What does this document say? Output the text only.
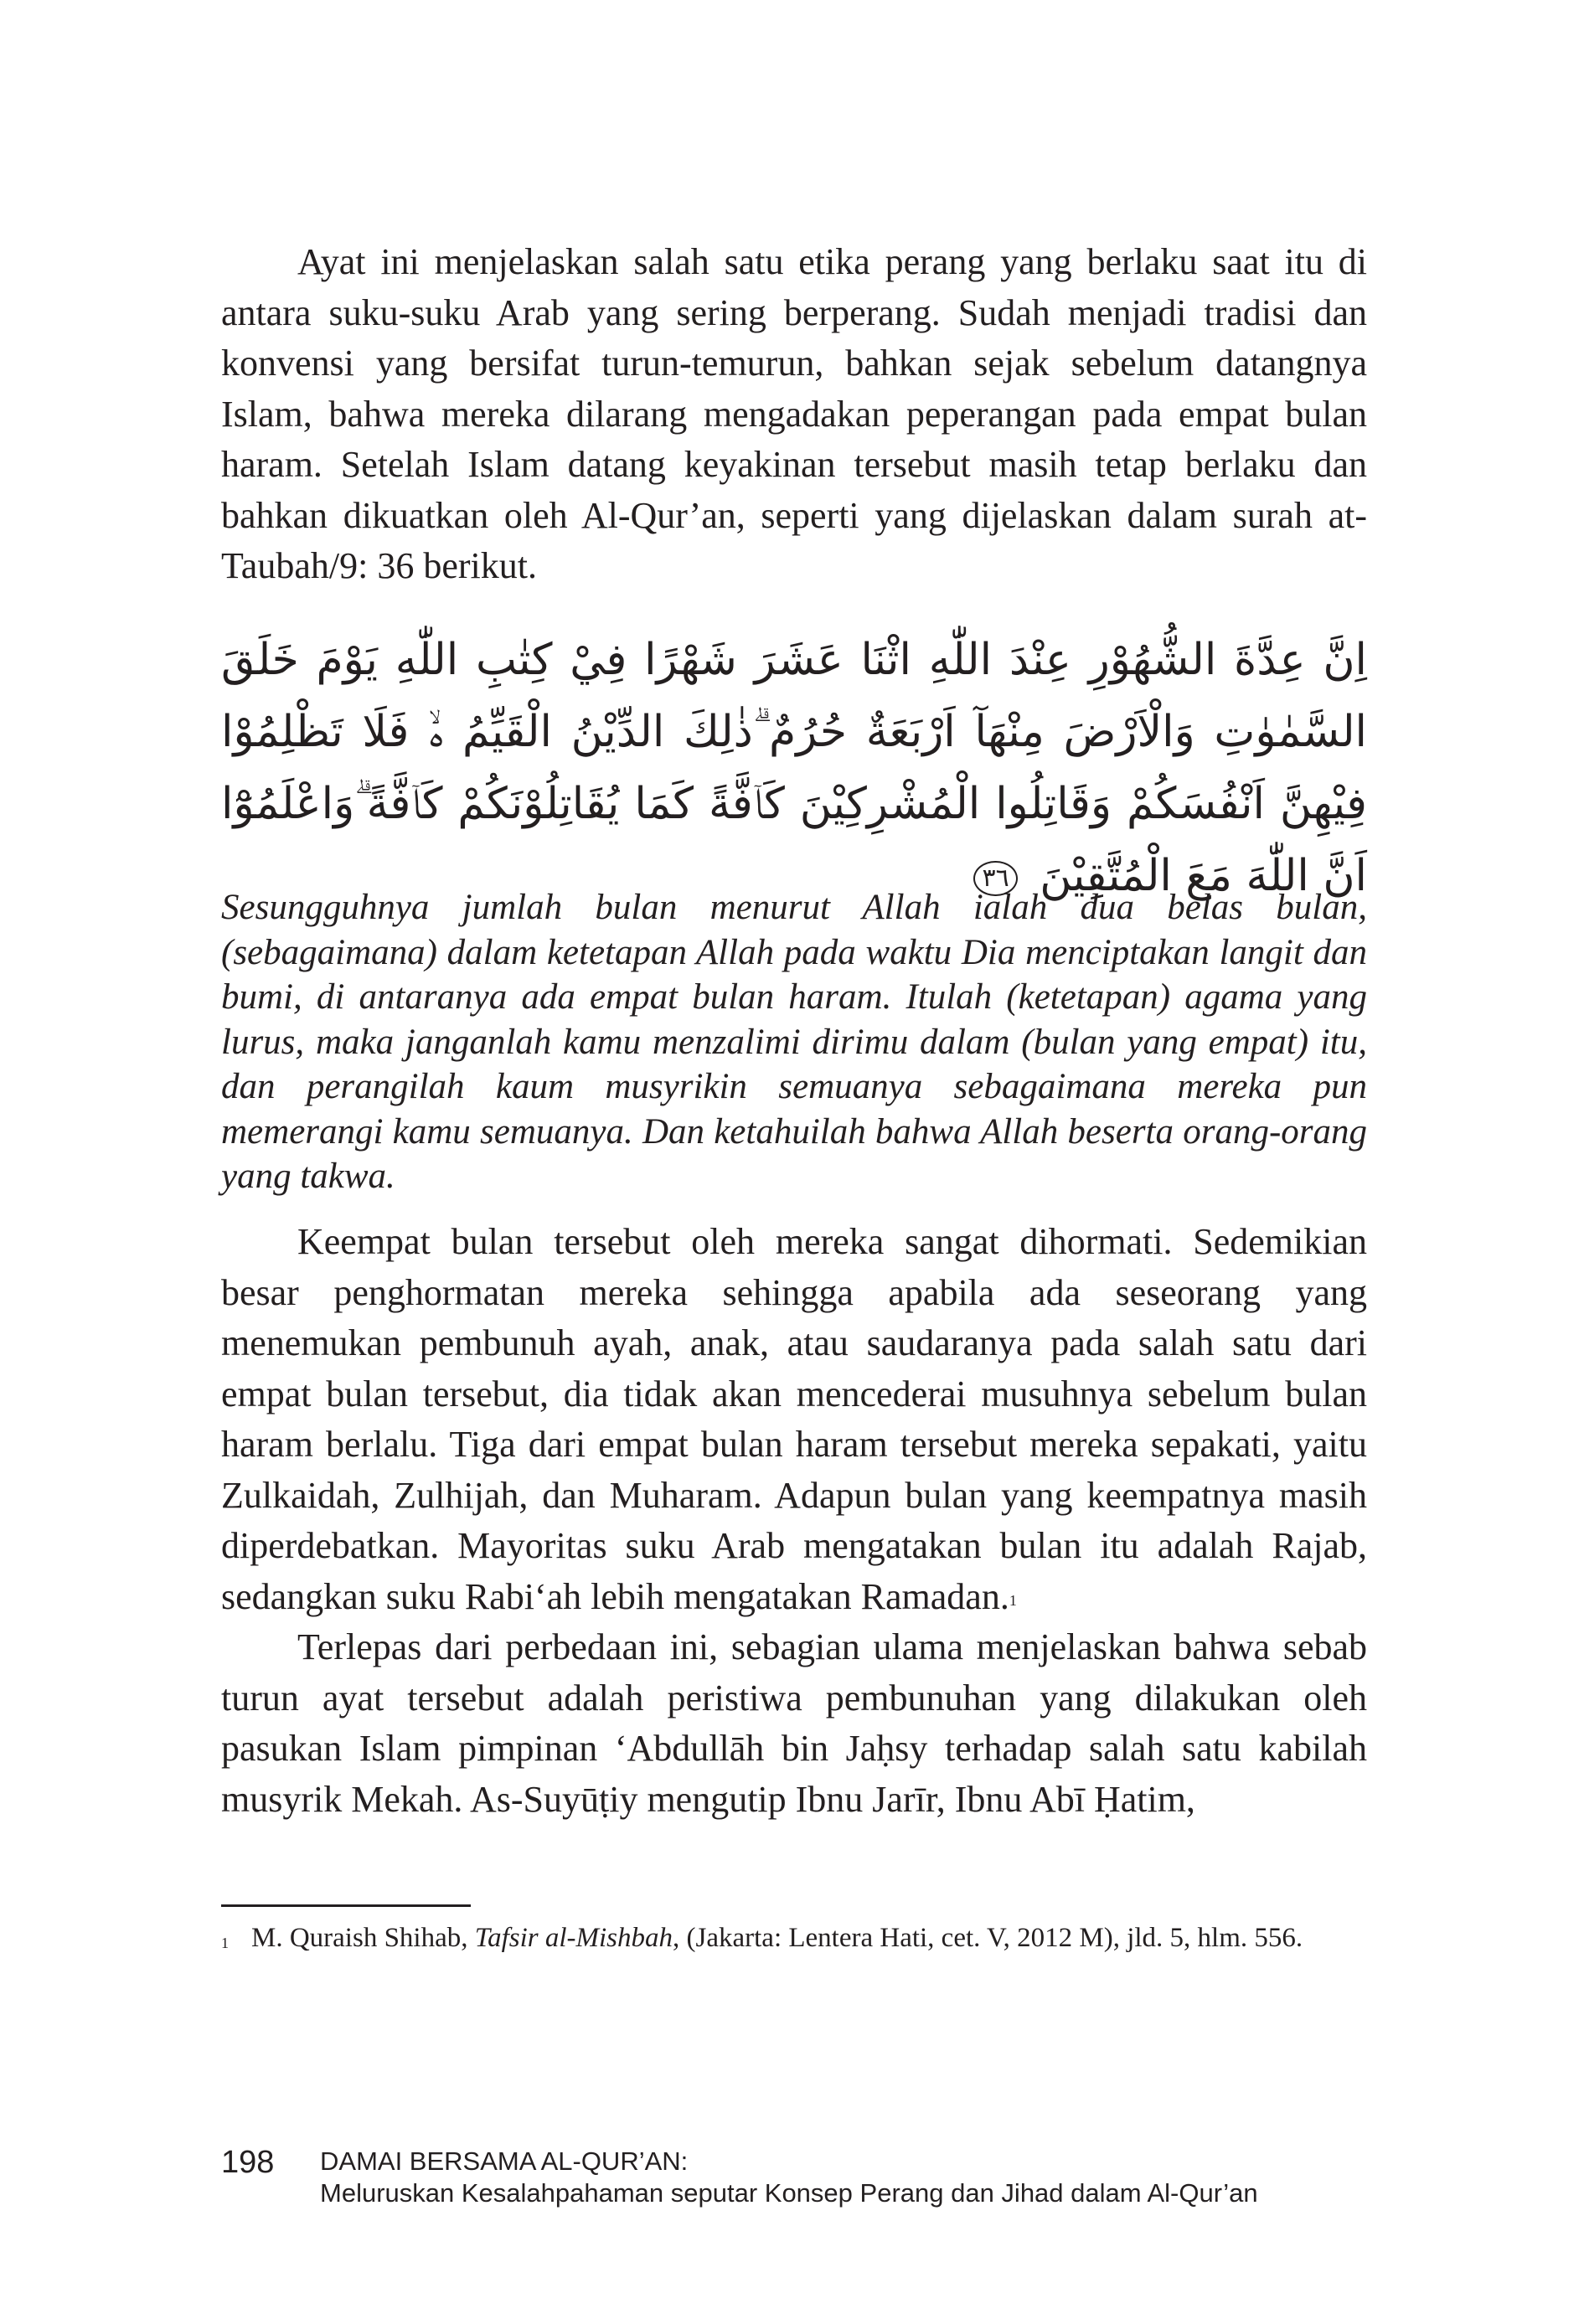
Ayat ini menjelaskan salah satu etika perang yang berlaku saat itu di antara suku-suku Arab yang sering berperang. Sudah menjadi tradisi dan konvensi yang bersifat turun-temurun, bahkan sejak sebelum datangnya Islam, bahwa mereka dilarang mengadakan peperangan pada empat bulan haram. Setelah Islam datang keyakinan tersebut masih tetap berlaku dan bahkan dikuatkan oleh Al-Qur’an, seperti yang dijelaskan dalam surah at-Taubah/9: 36 berikut.

اِنَّ عِدَّةَ الشُّهُوْرِ عِنْدَ اللّٰهِ اثْنَا عَشَرَ شَهْرًا فِيْ كِتٰبِ اللّٰهِ يَوْمَ خَلَقَ السَّمٰوٰتِ وَالْاَرْضَ مِنْهَآ اَرْبَعَةٌ حُرُمٌ ۗذٰلِكَ الدِّيْنُ الْقَيِّمُ ەۙ فَلَا تَظْلِمُوْا فِيْهِنَّ اَنْفُسَكُمْ وَقَاتِلُوا الْمُشْرِكِيْنَ كَاۤفَّةً كَمَا يُقَاتِلُوْنَكُمْ كَاۤفَّةً ۗوَاعْلَمُوْٓا اَنَّ اللّٰهَ مَعَ الْمُتَّقِيْنَ ٣٦

Sesungguhnya jumlah bulan menurut Allah ialah dua belas bulan, (sebagaimana) dalam ketetapan Allah pada waktu Dia menciptakan langit dan bumi, di antaranya ada empat bulan haram. Itulah (ketetapan) agama yang lurus, maka janganlah kamu menzalimi dirimu dalam (bulan yang empat) itu, dan perangilah kaum musyrikin semuanya sebagaimana mereka pun memerangi kamu semuanya. Dan ketahuilah bahwa Allah beserta orang-orang yang takwa.

Keempat bulan tersebut oleh mereka sangat dihormati. Sedemikian besar penghormatan mereka sehingga apabila ada seseorang yang menemukan pembunuh ayah, anak, atau saudaranya pada salah satu dari empat bulan tersebut, dia tidak akan mencederai musuhnya sebelum bulan haram berlalu. Tiga dari empat bulan haram tersebut mereka sepakati, yaitu Zulkaidah, Zulhijah, dan Muharam. Adapun bulan yang keempatnya masih diperdebatkan. Mayoritas suku Arab mengatakan bulan itu adalah Rajab, sedangkan suku Rabi‘ah lebih mengatakan Ramadan.$^1$

Terlepas dari perbedaan ini, sebagian ulama menjelaskan bahwa sebab turun ayat tersebut adalah peristiwa pembunuhan yang dilakukan oleh pasukan Islam pimpinan ‘Abdullāh bin Jaḥsy terhadap salah satu kabilah musyrik Mekah. As-Suyūṭiy mengutip Ibnu Jarīr, Ibnu Abī Ḥatim,

1 M. Quraish Shihab, Tafsir al-Mishbah, (Jakarta: Lentera Hati, cet. V, 2012 M), jld. 5, hlm. 556.
198 DAMAI BERSAMA AL-QUR’AN:
Meluruskan Kesalahpahaman seputar Konsep Perang dan Jihad dalam Al-Qur’an
